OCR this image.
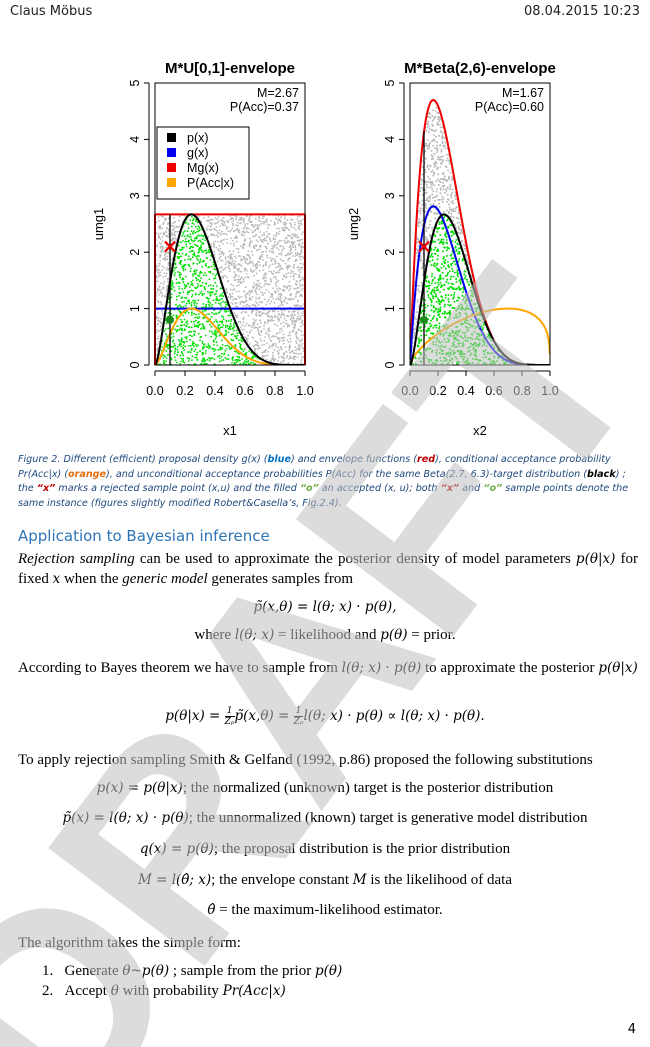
Claus Möbus	08.04.2015 10:23
M*U[0,1]-envelope
M=2.67
P(Acc)=0.37
0.0 0.2 0.4 0.6 0.8 1.0
x1
0
1
2
3
4
5
umg1
p(x)
g(x)
Mg(x)
P(Acc|x)
M*Beta(2,6)-envelope
M=1.67
P(Acc)=0.60
0.0 0.2 0.4 0.6 0.8 1.0
x2
0
1
2
3
4
5
umg2
Figure 2. Different (efficient) proposal density g(x) (blue) and envelope functions (red), conditional acceptance probability Pr(Acc|x) (orange), and unconditional acceptance probabilities P(Acc) for the same Beta(2.7, 6.3)-target distribution (black) ; the “x” marks a rejected sample point (x,u) and the filled “o” an accepted (x, u); both “x” and “o” sample points denote the same instance (figures slightly modified Robert&Casella’s, Fig.2.4).
Application to Bayesian inference
Rejection sampling can be used to approximate the posterior density of model parameters p(θ|x) for fixed x when the generic model generates samples from
p̃(x,θ) = l(θ; x) · p(θ),
where l(θ; x) = likelihood and p(θ) = prior.
According to Bayes theorem we have to sample from l(θ; x) · p(θ) to approximate the posterior p(θ|x)
$p(\theta|x) = \frac{1}{\text{Zₚ}}$ p̃(x,θ) = $\frac{1}{\text{Zₚ}} l(\theta$; x) · p(θ) ∝ l(θ; x) · p(θ).
To apply rejection sampling Smith & Gelfand (1992, p.86) proposed the following substitutions
p(x) = p(θ|x); the normalized (unknown) target is the posterior distribution
p̃(x) = l(θ; x) · p(θ); the unnormalized (known) target is generative model distribution
q(x) = p(θ); the proposal distribution is the prior distribution
M = l(θ̂; x); the envelope constant M is the likelihood of data
θ̂ = the maximum-likelihood estimator.
The algorithm takes the simple form:
1. Generate θ~p(θ) ; sample from the prior p(θ)
2. Accept θ with probability Pr(Acc|x)
4
DRAFT
